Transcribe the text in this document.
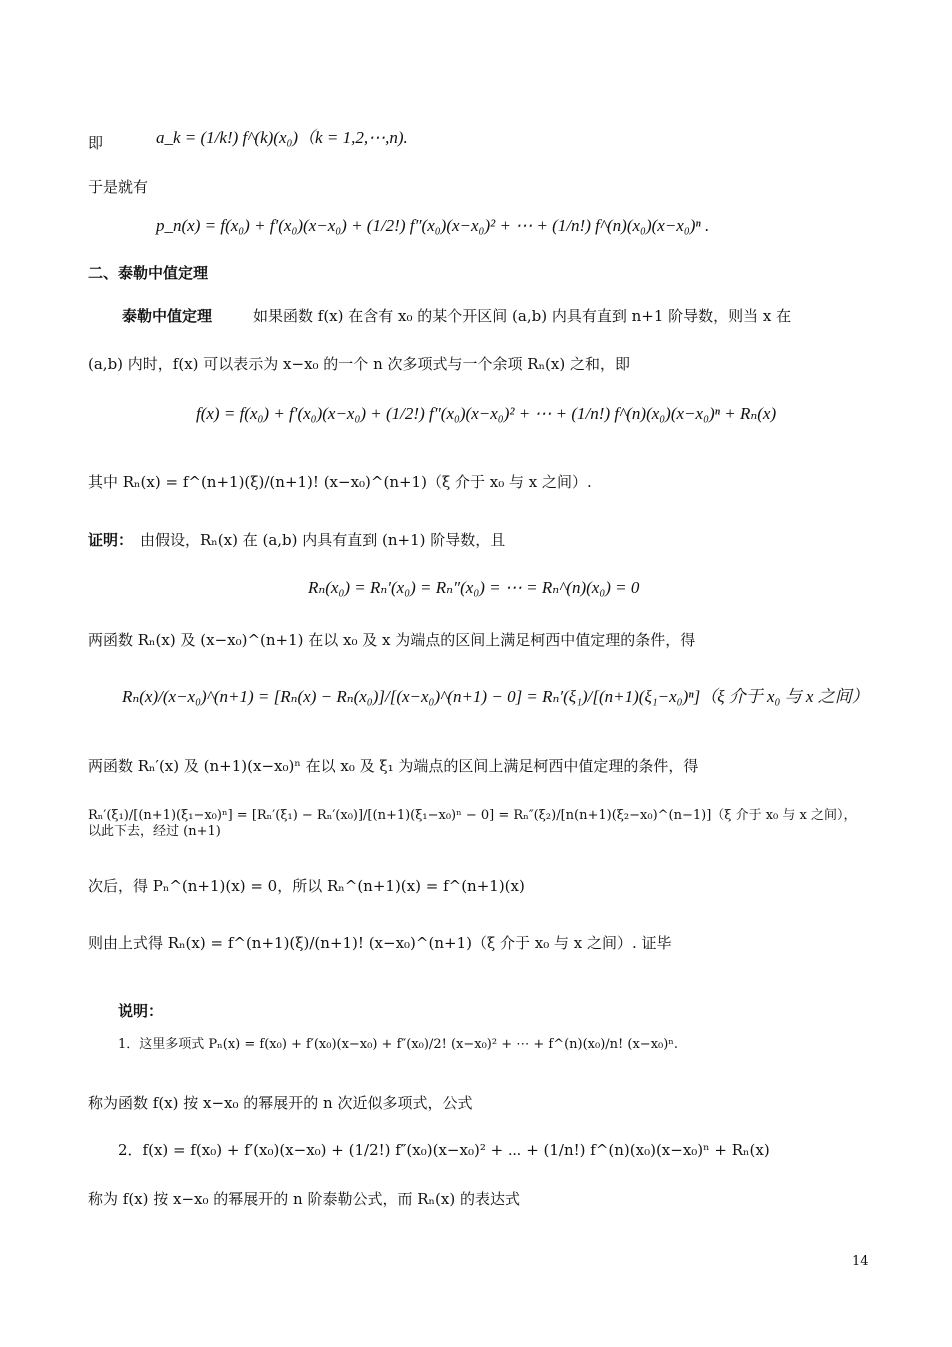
即	a_k = (1/k!) f^(k)(x₀)（k = 1,2,⋯,n).
于是就有
p_n(x) = f(x₀) + f′(x₀)(x−x₀) + (1/2!) f″(x₀)(x−x₀)² + ⋯ + (1/n!) f^(n)(x₀)(x−x₀)ⁿ .
二、泰勒中值定理
泰勒中值定理	如果函数 f(x) 在含有 x₀ 的某个开区间 (a,b) 内具有直到 n+1 阶导数，则当 x 在
(a,b) 内时，f(x) 可以表示为 x−x₀ 的一个 n 次多项式与一个余项 Rₙ(x) 之和，即
f(x) = f(x₀) + f′(x₀)(x−x₀) + (1/2!) f″(x₀)(x−x₀)² + ⋯ + (1/n!) f^(n)(x₀)(x−x₀)ⁿ + Rₙ(x)
其中 Rₙ(x) = f^(n+1)(ξ)/(n+1)! (x−x₀)^(n+1)（ξ 介于 x₀ 与 x 之间）.
证明： 由假设，Rₙ(x) 在 (a,b) 内具有直到 (n+1) 阶导数，且
Rₙ(x₀) = Rₙ′(x₀) = Rₙ″(x₀) = ⋯ = Rₙ^(n)(x₀) = 0
两函数 Rₙ(x) 及 (x−x₀)^(n+1) 在以 x₀ 及 x 为端点的区间上满足柯西中值定理的条件，得
Rₙ(x)/(x−x₀)^(n+1) = [Rₙ(x) − Rₙ(x₀)]/[(x−x₀)^(n+1) − 0] = Rₙ′(ξ₁)/[(n+1)(ξ₁−x₀)ⁿ]（ξ 介于 x₀ 与 x 之间）
两函数 Rₙ′(x) 及 (n+1)(x−x₀)ⁿ 在以 x₀ 及 ξ₁ 为端点的区间上满足柯西中值定理的条件，得
Rₙ′(ξ₁)/[(n+1)(ξ₁−x₀)ⁿ] = [Rₙ′(ξ₁) − Rₙ′(x₀)]/[(n+1)(ξ₁−x₀)ⁿ − 0] = Rₙ″(ξ₂)/[n(n+1)(ξ₂−x₀)^(n−1)]（ξ 介于 x₀ 与 x 之间），以此下去，经过 (n+1)
次后，得 Pₙ^(n+1)(x) = 0，所以 Rₙ^(n+1)(x) = f^(n+1)(x)
则由上式得 Rₙ(x) = f^(n+1)(ξ)/(n+1)! (x−x₀)^(n+1)（ξ 介于 x₀ 与 x 之间）. 证毕
说明：
1．这里多项式 Pₙ(x) = f(x₀) + f′(x₀)(x−x₀) + f″(x₀)/2! (x−x₀)² + ⋯ + f^(n)(x₀)/n! (x−x₀)ⁿ.
称为函数 f(x) 按 x−x₀ 的幂展开的 n 次近似多项式，公式
2．f(x) = f(x₀) + f′(x₀)(x−x₀) + (1/2!) f″(x₀)(x−x₀)² + ⋯ + (1/n!) f^(n)(x₀)(x−x₀)ⁿ + Rₙ(x)
称为 f(x) 按 x−x₀ 的幂展开的 n 阶泰勒公式，而 Rₙ(x) 的表达式
14
